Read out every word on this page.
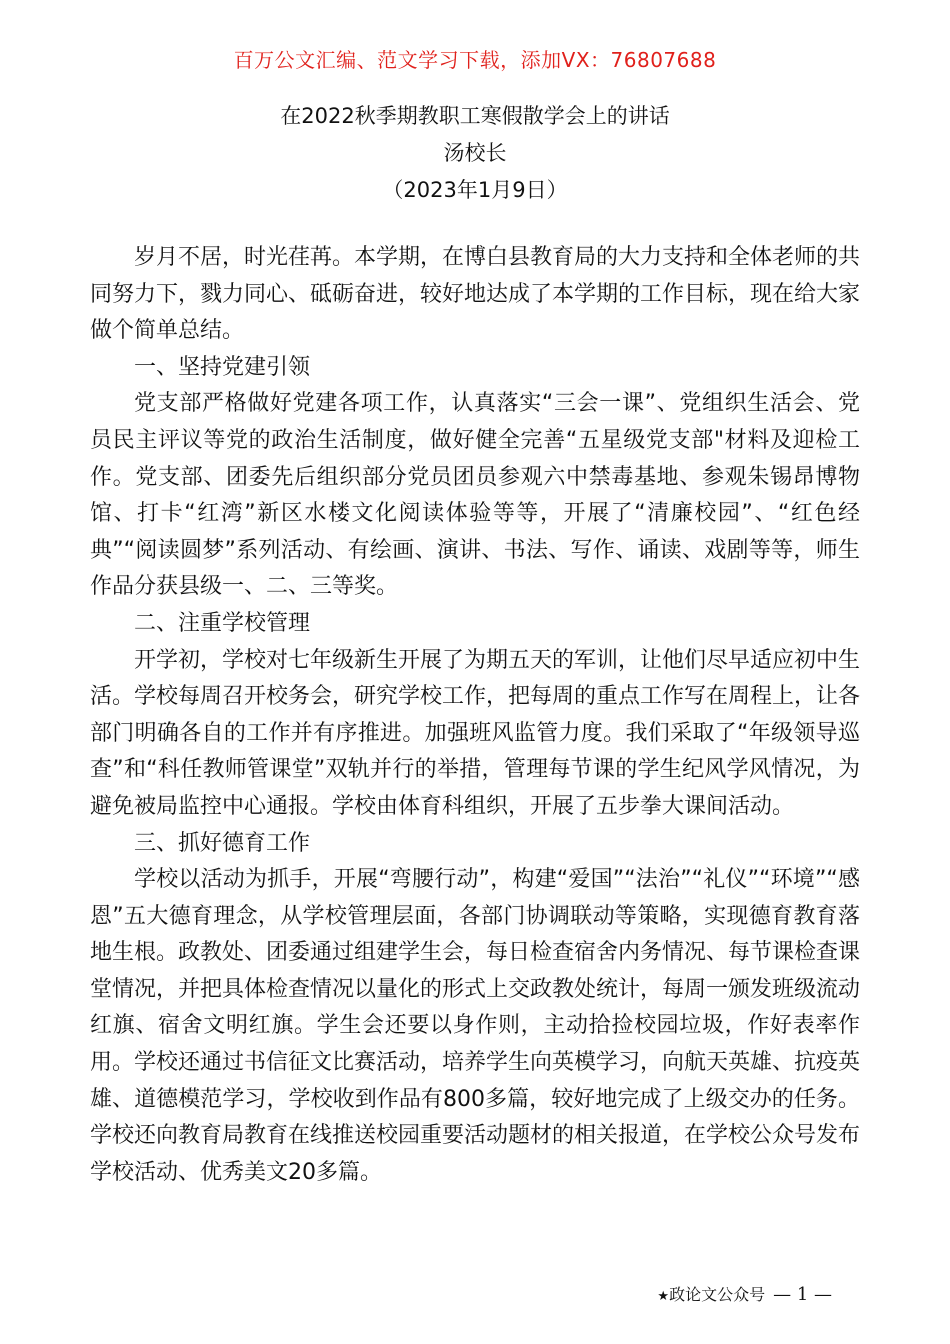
百万公文汇编、范文学习下载，添加VX：76807688
在2022秋季期教职工寒假散学会上的讲话
汤校长
（2023年1月9日）

岁月不居，时光荏苒。本学期，在博白县教育局的大力支持和全体老师的共同努力下，戮力同心、砥砺奋进，较好地达成了本学期的工作目标，现在给大家做个简单总结。

一、坚持党建引领

党支部严格做好党建各项工作，认真落实“三会一课”、党组织生活会、党员民主评议等党的政治生活制度，做好健全完善“五星级党支部"材料及迎检工作。党支部、团委先后组织部分党员团员参观六中禁毒基地、参观朱锡昂博物馆、打卡“红湾”新区水楼文化阅读体验等等，开展了“清廉校园”、“红色经典”“阅读圆梦”系列活动、有绘画、演讲、书法、写作、诵读、戏剧等等，师生作品分获县级一、二、三等奖。

二、注重学校管理

开学初，学校对七年级新生开展了为期五天的军训，让他们尽早适应初中生活。学校每周召开校务会，研究学校工作，把每周的重点工作写在周程上，让各部门明确各自的工作并有序推进。加强班风监管力度。我们采取了“年级领导巡查”和“科任教师管课堂”双轨并行的举措，管理每节课的学生纪风学风情况，为避免被局监控中心通报。学校由体育科组织，开展了五步拳大课间活动。

三、抓好德育工作

学校以活动为抓手，开展“弯腰行动”，构建“爱国”“法治”“礼仪”“环境”“感恩”五大德育理念，从学校管理层面，各部门协调联动等策略，实现德育教育落地生根。政教处、团委通过组建学生会，每日检查宿舍内务情况、每节课检查课堂情况，并把具体检查情况以量化的形式上交政教处统计，每周一颁发班级流动红旗、宿舍文明红旗。学生会还要以身作则，主动拾捡校园垃圾，作好表率作用。学校还通过书信征文比赛活动，培养学生向英模学习，向航天英雄、抗疫英雄、道德模范学习，学校收到作品有800多篇，较好地完成了上级交办的任务。学校还向教育局教育在线推送校园重要活动题材的相关报道，在学校公众号发布学校活动、优秀美文20多篇。

★政论文公众号 — 1 —
